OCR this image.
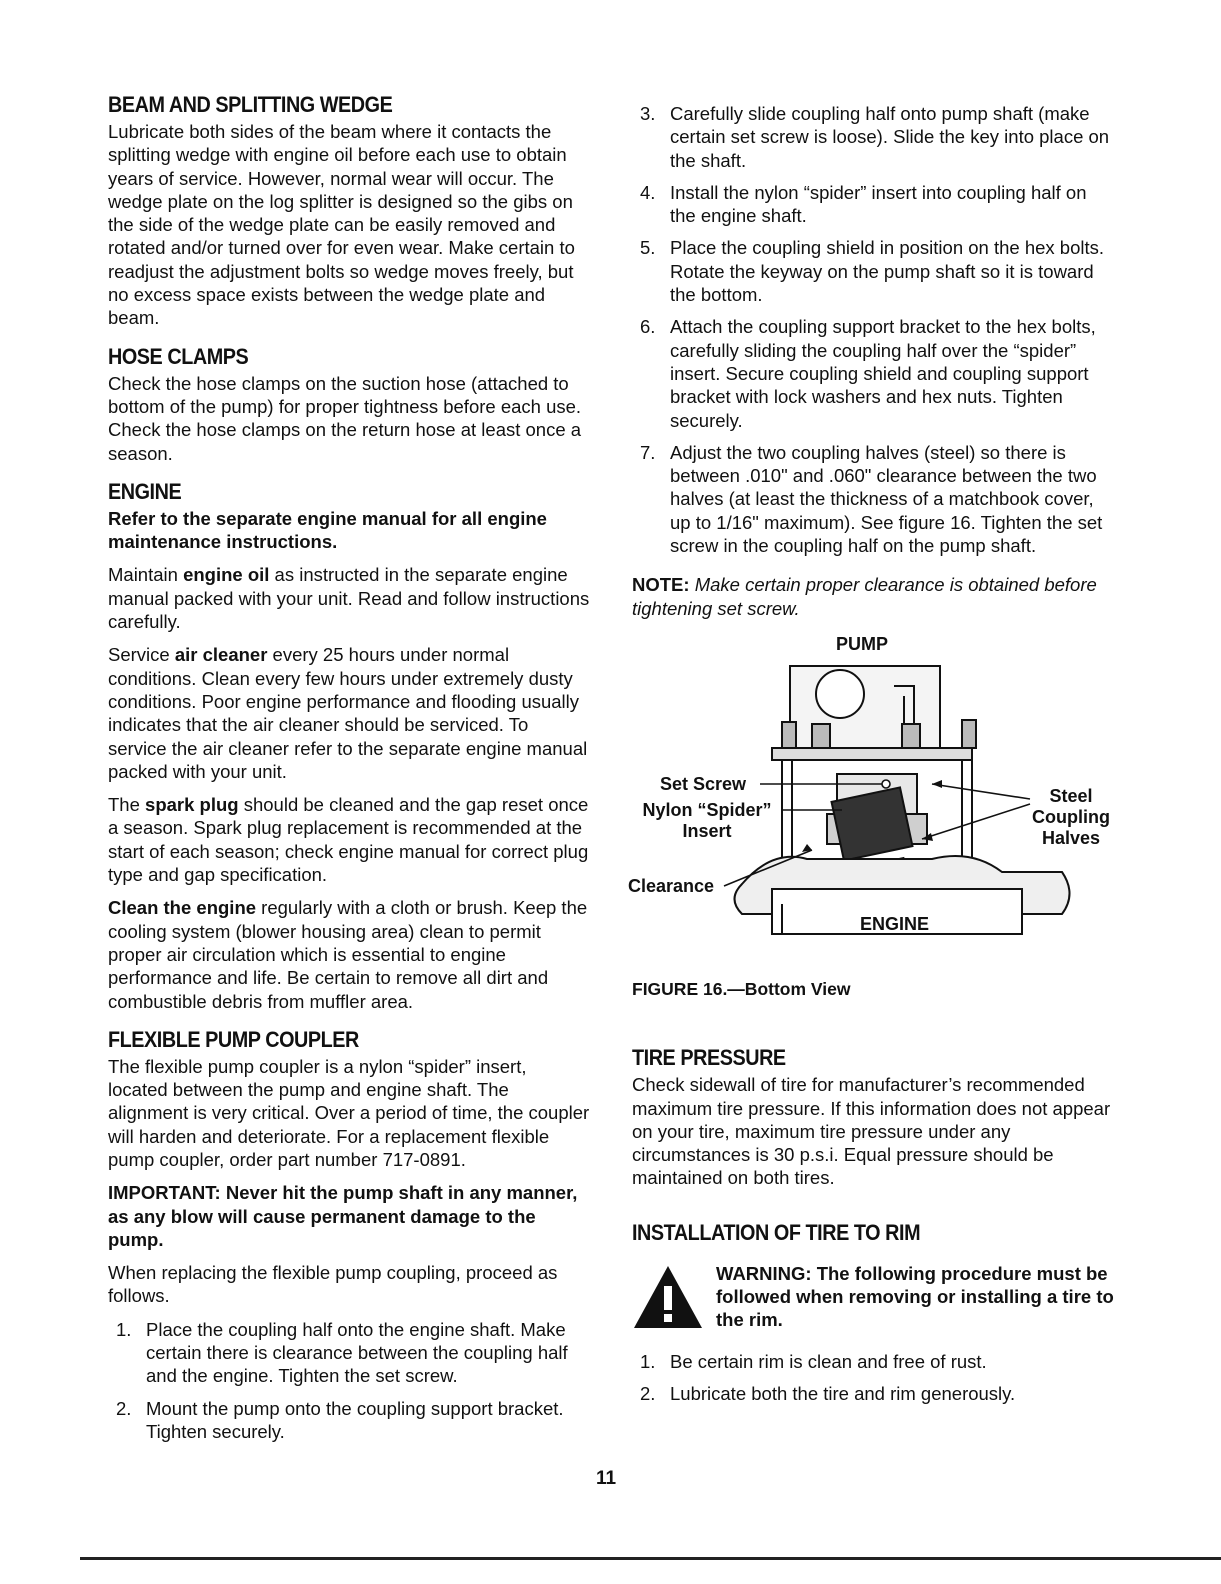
BEAM AND SPLITTING WEDGE

Lubricate both sides of the beam where it contacts the splitting wedge with engine oil before each use to obtain years of service. However, normal wear will occur. The wedge plate on the log splitter is designed so the gibs on the side of the wedge plate can be easily removed and rotated and/or turned over for even wear. Make certain to readjust the adjustment bolts so wedge moves freely, but no excess space exists between the wedge plate and beam.

HOSE CLAMPS

Check the hose clamps on the suction hose (attached to bottom of the pump) for proper tightness before each use. Check the hose clamps on the return hose at least once a season.

ENGINE

Refer to the separate engine manual for all engine maintenance instructions.

Maintain engine oil as instructed in the separate engine manual packed with your unit. Read and follow instructions carefully.

Service air cleaner every 25 hours under normal conditions. Clean every few hours under extremely dusty conditions. Poor engine performance and flooding usually indicates that the air cleaner should be serviced. To service the air cleaner refer to the separate engine manual packed with your unit.

The spark plug should be cleaned and the gap reset once a season. Spark plug replacement is recommended at the start of each season; check engine manual for correct plug type and gap specification.

Clean the engine regularly with a cloth or brush. Keep the cooling system (blower housing area) clean to permit proper air circulation which is essential to engine performance and life. Be certain to remove all dirt and combustible debris from muffler area.

FLEXIBLE PUMP COUPLER

The flexible pump coupler is a nylon “spider” insert, located between the pump and engine shaft. The alignment is very critical. Over a period of time, the coupler will harden and deteriorate. For a replacement flexible pump coupler, order part number 717-0891.

IMPORTANT: Never hit the pump shaft in any manner, as any blow will cause permanent damage to the pump.

When replacing the flexible pump coupling, proceed as follows.

1. Place the coupling half onto the engine shaft. Make certain there is clearance between the coupling half and the engine. Tighten the set screw.
2. Mount the pump onto the coupling support bracket. Tighten securely.
3. Carefully slide coupling half onto pump shaft (make certain set screw is loose). Slide the key into place on the shaft.
4. Install the nylon “spider” insert into coupling half on the engine shaft.
5. Place the coupling shield in position on the hex bolts. Rotate the keyway on the pump shaft so it is toward the bottom.
6. Attach the coupling support bracket to the hex bolts, carefully sliding the coupling half over the “spider” insert. Secure coupling shield and coupling support bracket with lock washers and hex nuts. Tighten securely.
7. Adjust the two coupling halves (steel) so there is between .010" and .060" clearance between the two halves (at least the thickness of a matchbook cover, up to 1/16" maximum). See figure 16. Tighten the set screw in the coupling half on the pump shaft.

NOTE: Make certain proper clearance is obtained before tightening set screw.

PUMP
Set Screw
Nylon “Spider”
Insert
Clearance
Steel
Coupling
Halves
ENGINE

FIGURE 16.—Bottom View

TIRE PRESSURE

Check sidewall of tire for manufacturer’s recommended maximum tire pressure. If this information does not appear on your tire, maximum tire pressure under any circumstances is 30 p.s.i. Equal pressure should be maintained on both tires.

INSTALLATION OF TIRE TO RIM
WARNING: The following procedure must be followed when removing or installing a tire to the rim.
1. Be certain rim is clean and free of rust.
2. Lubricate both the tire and rim generously.
11
